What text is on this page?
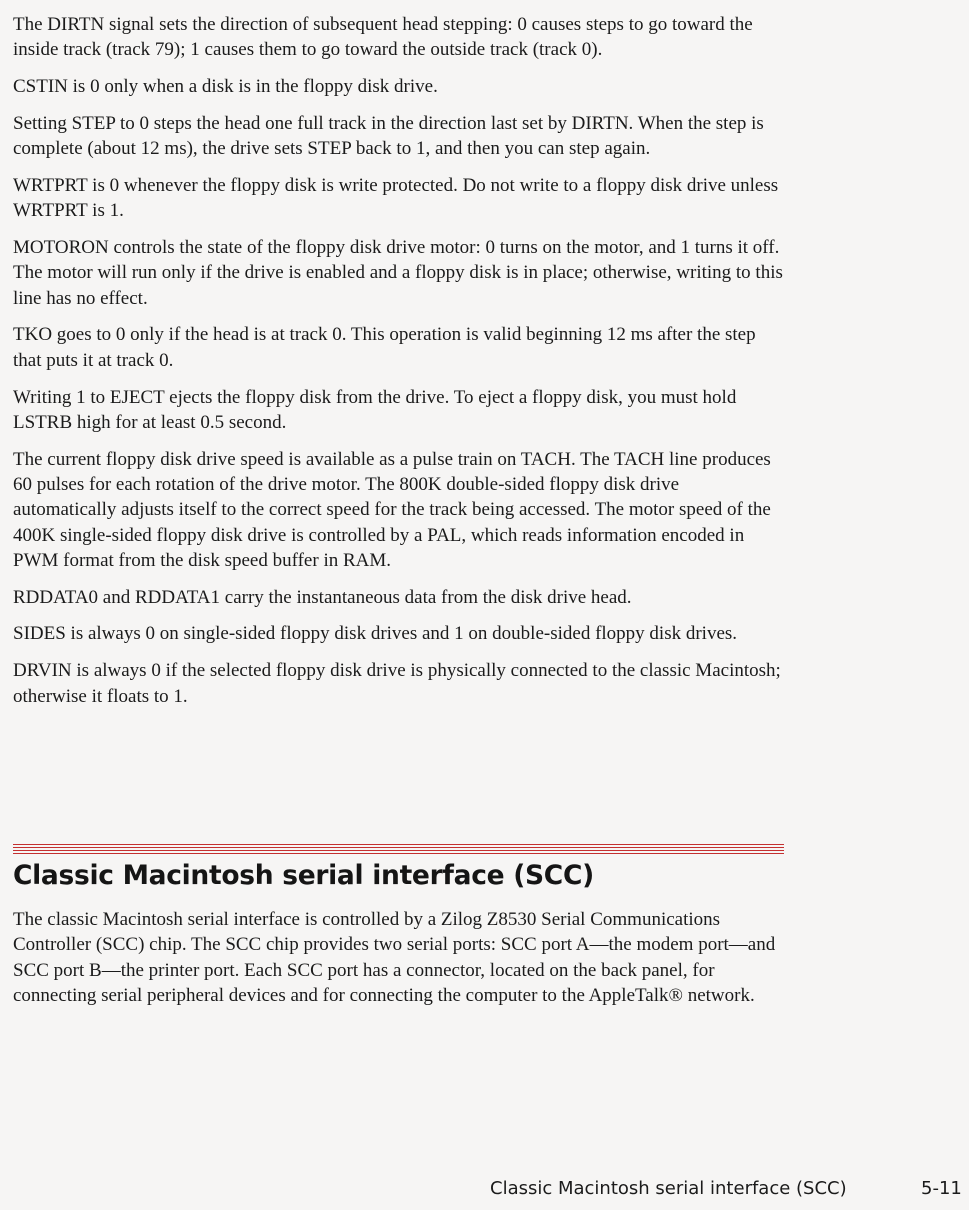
The DIRTN signal sets the direction of subsequent head stepping: 0 causes steps to go toward the inside track (track 79); 1 causes them to go toward the outside track (track 0).

CSTIN is 0 only when a disk is in the floppy disk drive.

Setting STEP to 0 steps the head one full track in the direction last set by DIRTN. When the step is complete (about 12 ms), the drive sets STEP back to 1, and then you can step again.

WRTPRT is 0 whenever the floppy disk is write protected. Do not write to a floppy disk drive unless WRTPRT is 1.

MOTORON controls the state of the floppy disk drive motor: 0 turns on the motor, and 1 turns it off. The motor will run only if the drive is enabled and a floppy disk is in place; otherwise, writing to this line has no effect.

TKO goes to 0 only if the head is at track 0. This operation is valid beginning 12 ms after the step that puts it at track 0.

Writing 1 to EJECT ejects the floppy disk from the drive. To eject a floppy disk, you must hold LSTRB high for at least 0.5 second.

The current floppy disk drive speed is available as a pulse train on TACH. The TACH line produces 60 pulses for each rotation of the drive motor. The 800K double-sided floppy disk drive automatically adjusts itself to the correct speed for the track being accessed. The motor speed of the 400K single-sided floppy disk drive is controlled by a PAL, which reads information encoded in PWM format from the disk speed buffer in RAM.

RDDATA0 and RDDATA1 carry the instantaneous data from the disk drive head.

SIDES is always 0 on single-sided floppy disk drives and 1 on double-sided floppy disk drives.

DRVIN is always 0 if the selected floppy disk drive is physically connected to the classic Macintosh; otherwise it floats to 1.

Classic Macintosh serial interface (SCC)

The classic Macintosh serial interface is controlled by a Zilog Z8530 Serial Communications Controller (SCC) chip. The SCC chip provides two serial ports: SCC port A—the modem port—and SCC port B—the printer port. Each SCC port has a connector, located on the back panel, for connecting serial peripheral devices and for connecting the computer to the AppleTalk® network.

Classic Macintosh serial interface (SCC)	5-11
